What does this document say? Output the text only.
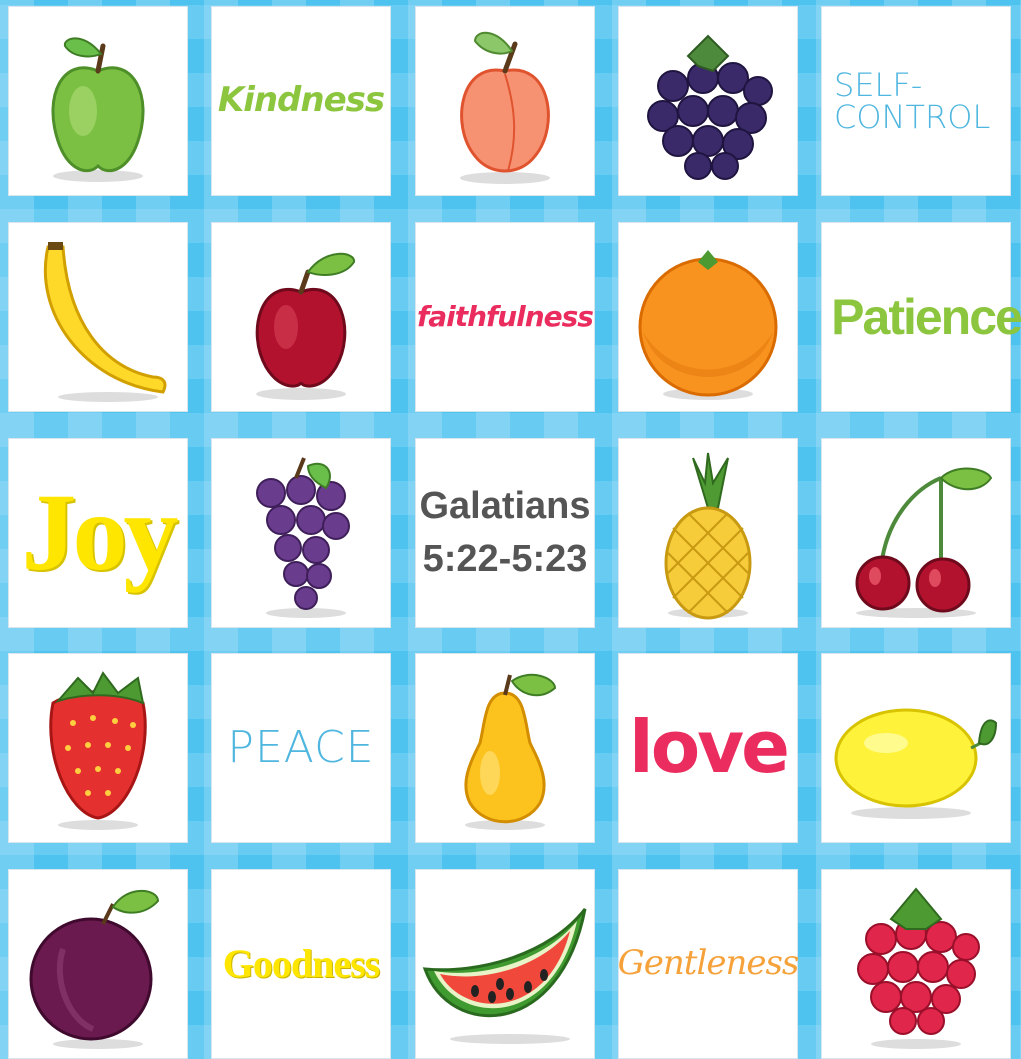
Kindness	SELF-
CONTROL
faithfulness	Patience
Joy	Galatians
5:22-5:23
PEACE	love
Goodness	Gentleness
